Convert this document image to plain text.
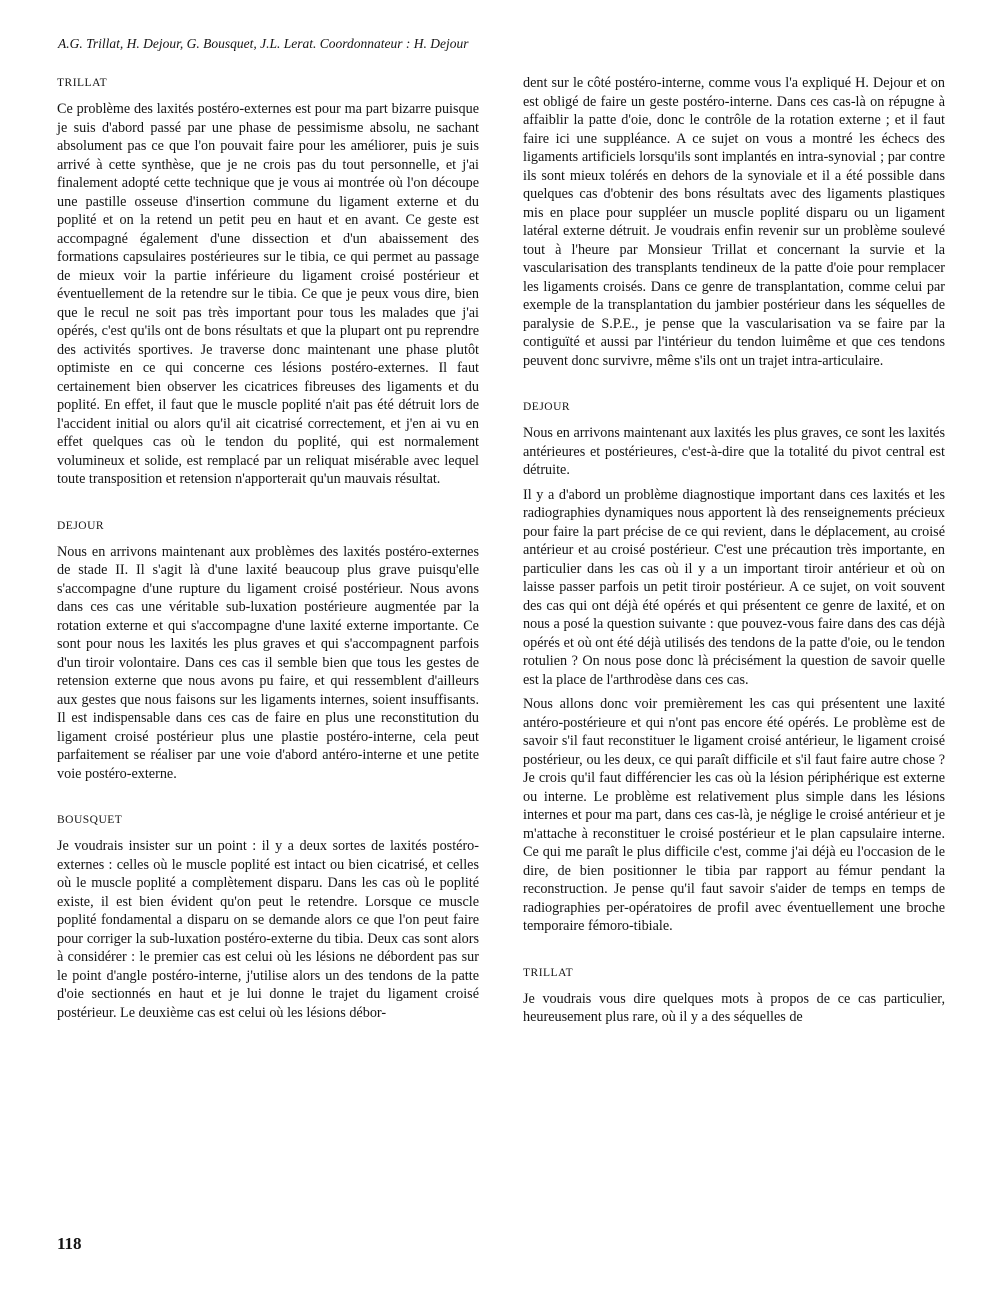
A.G. Trillat, H. Dejour, G. Bousquet, J.L. Lerat. Coordonnateur : H. Dejour
TRILLAT

Ce problème des laxités postéro-externes est pour ma part bizarre puisque je suis d'abord passé par une phase de pessimisme absolu, ne sachant absolument pas ce que l'on pouvait faire pour les améliorer, puis je suis arrivé à cette synthèse, que je ne crois pas du tout personnelle, et j'ai finalement adopté cette technique que je vous ai montrée où l'on découpe une pastille osseuse d'insertion commune du ligament externe et du poplité et on la retend un petit peu en haut et en avant. Ce geste est accompagné également d'une dissection et d'un abaissement des formations capsulaires postérieures sur le tibia, ce qui permet au passage de mieux voir la partie inférieure du ligament croisé postérieur et éventuellement de la retendre sur le tibia. Ce que je peux vous dire, bien que le recul ne soit pas très important pour tous les malades que j'ai opérés, c'est qu'ils ont de bons résultats et que la plupart ont pu reprendre des activités sportives. Je traverse donc maintenant une phase plutôt optimiste en ce qui concerne ces lésions postéro-externes. Il faut certainement bien observer les cicatrices fibreuses des ligaments et du poplité. En effet, il faut que le muscle poplité n'ait pas été détruit lors de l'accident initial ou alors qu'il ait cicatrisé correctement, et j'en ai vu en effet quelques cas où le tendon du poplité, qui est normalement volumineux et solide, est remplacé par un reliquat misérable avec lequel toute transposition et retension n'apporterait qu'un mauvais résultat.

DEJOUR

Nous en arrivons maintenant aux problèmes des laxités postéro-externes de stade II. Il s'agit là d'une laxité beaucoup plus grave puisqu'elle s'accompagne d'une rupture du ligament croisé postérieur. Nous avons dans ces cas une véritable sub-luxation postérieure augmentée par la rotation externe et qui s'accompagne d'une laxité externe importante. Ce sont pour nous les laxités les plus graves et qui s'accompagnent parfois d'un tiroir volontaire. Dans ces cas il semble bien que tous les gestes de retension externe que nous avons pu faire, et qui ressemblent d'ailleurs aux gestes que nous faisons sur les ligaments internes, soient insuffisants. Il est indispensable dans ces cas de faire en plus une reconstitution du ligament croisé postérieur plus une plastie postéro-interne, cela peut parfaitement se réaliser par une voie d'abord antéro-interne et une petite voie postéro-externe.

BOUSQUET

Je voudrais insister sur un point : il y a deux sortes de laxités postéro-externes : celles où le muscle poplité est intact ou bien cicatrisé, et celles où le muscle poplité a complètement disparu. Dans les cas où le poplité existe, il est bien évident qu'on peut le retendre. Lorsque ce muscle poplité fondamental a disparu on se demande alors ce que l'on peut faire pour corriger la sub-luxation postéro-externe du tibia. Deux cas sont alors à considérer : le premier cas est celui où les lésions ne débordent pas sur le point d'angle postéro-interne, j'utilise alors un des tendons de la patte d'oie sectionnés en haut et je lui donne le trajet du ligament croisé postérieur. Le deuxième cas est celui où les lésions débor-

dent sur le côté postéro-interne, comme vous l'a expliqué H. Dejour et on est obligé de faire un geste postéro-interne. Dans ces cas-là on répugne à affaiblir la patte d'oie, donc le contrôle de la rotation externe ; et il faut faire ici une suppléance. A ce sujet on vous a montré les échecs des ligaments artificiels lorsqu'ils sont implantés en intra-synovial ; par contre ils sont mieux tolérés en dehors de la synoviale et il a été possible dans quelques cas d'obtenir des bons résultats avec des ligaments plastiques mis en place pour suppléer un muscle poplité disparu ou un ligament latéral externe détruit. Je voudrais enfin revenir sur un problème soulevé tout à l'heure par Monsieur Trillat et concernant la survie et la vascularisation des transplants tendineux de la patte d'oie pour remplacer les ligaments croisés. Dans ce genre de transplantation, comme celui par exemple de la transplantation du jambier postérieur dans les séquelles de paralysie de S.P.E., je pense que la vascularisation va se faire par la contiguïté et aussi par l'intérieur du tendon luimême et que ces tendons peuvent donc survivre, même s'ils ont un trajet intra-articulaire.

DEJOUR

Nous en arrivons maintenant aux laxités les plus graves, ce sont les laxités antérieures et postérieures, c'est-à-dire que la totalité du pivot central est détruite.

Il y a d'abord un problème diagnostique important dans ces laxités et les radiographies dynamiques nous apportent là des renseignements précieux pour faire la part précise de ce qui revient, dans le déplacement, au croisé antérieur et au croisé postérieur. C'est une précaution très importante, en particulier dans les cas où il y a un important tiroir antérieur et où on laisse passer parfois un petit tiroir postérieur. A ce sujet, on voit souvent des cas qui ont déjà été opérés et qui présentent ce genre de laxité, et on nous a posé la question suivante : que pouvez-vous faire dans des cas déjà opérés et où ont été déjà utilisés des tendons de la patte d'oie, ou le tendon rotulien ? On nous pose donc là précisément la question de savoir quelle est la place de l'arthrodèse dans ces cas.

Nous allons donc voir premièrement les cas qui présentent une laxité antéro-postérieure et qui n'ont pas encore été opérés. Le problème est de savoir s'il faut reconstituer le ligament croisé antérieur, le ligament croisé postérieur, ou les deux, ce qui paraît difficile et s'il faut faire autre chose ? Je crois qu'il faut différencier les cas où la lésion périphérique est externe ou interne. Le problème est relativement plus simple dans les lésions internes et pour ma part, dans ces cas-là, je néglige le croisé antérieur et je m'attache à reconstituer le croisé postérieur et le plan capsulaire interne. Ce qui me paraît le plus difficile c'est, comme j'ai déjà eu l'occasion de le dire, de bien positionner le tibia par rapport au fémur pendant la reconstruction. Je pense qu'il faut savoir s'aider de temps en temps de radiographies per-opératoires de profil avec éventuellement une broche temporaire fémoro-tibiale.

TRILLAT

Je voudrais vous dire quelques mots à propos de ce cas particulier, heureusement plus rare, où il y a des séquelles de

118
